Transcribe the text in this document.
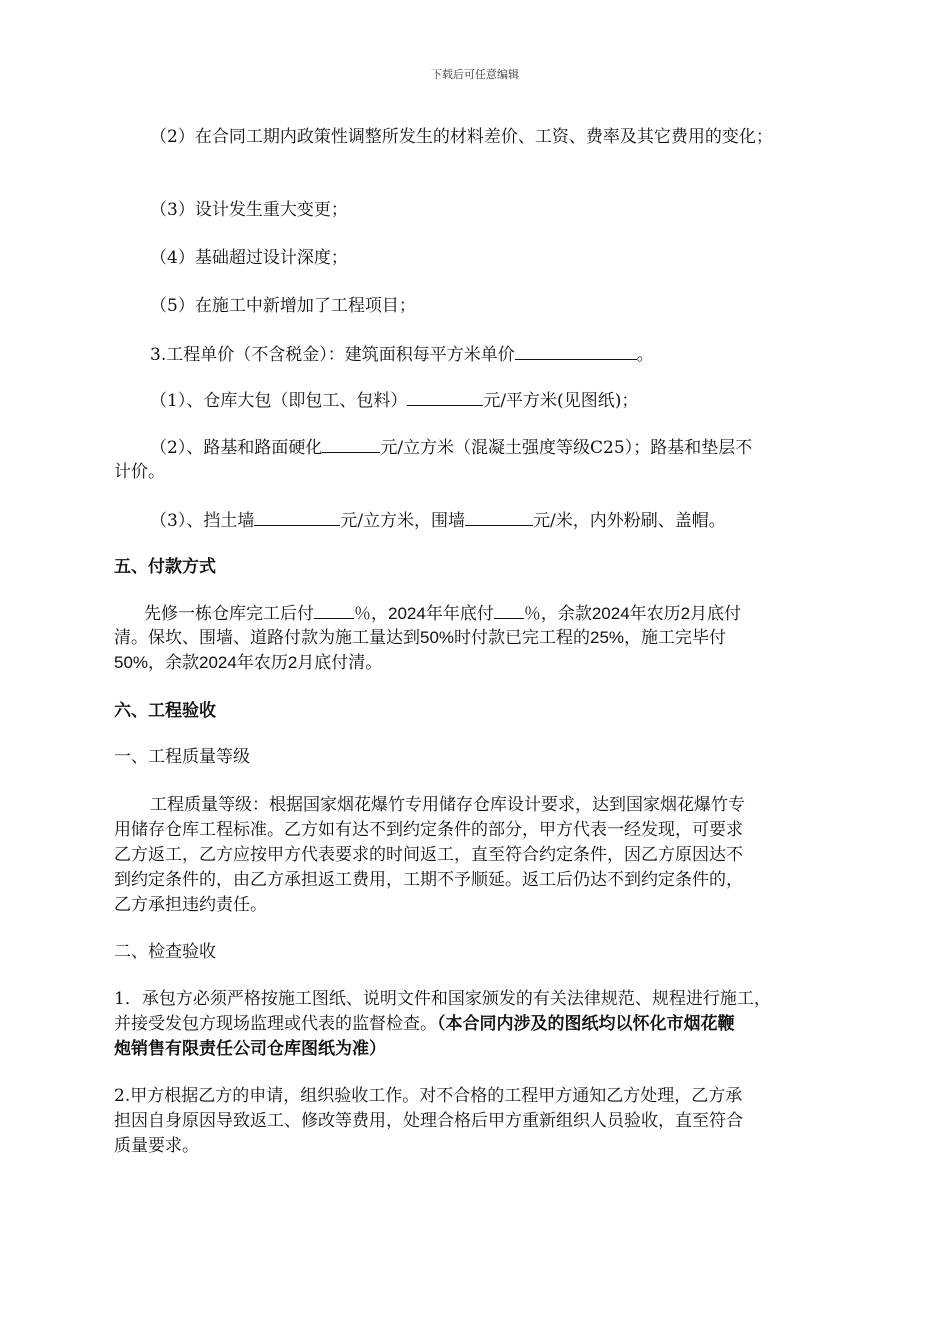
下载后可任意编辑

（2）在合同工期内政策性调整所发生的材料差价、工资、费率及其它费用的变化；

（3）设计发生重大变更；

（4）基础超过设计深度；

（5）在施工中新增加了工程项目；

3.工程单价（不含税金）：建筑面积每平方米单价	。

（1）、仓库大包（即包工、包料）	元/平方米(见图纸)；

（2）、路基和路面硬化	元/立方米（混凝土强度等级C25）；路基和垫层不

计价。

（3）、挡土墙	元/立方米，围墙	元/米，内外粉刷、盖帽。

五、付款方式

先修一栋仓库完工后付 ％，2024年年底付 ％，余款2024年农历2月底付

清。保坎、围墙、道路付款为施工量达到50%时付款已完工程的25%，施工完毕付

50%，余款2024年农历2月底付清。

六、工程验收

一、工程质量等级

工程质量等级：根据国家烟花爆竹专用储存仓库设计要求，达到国家烟花爆竹专

用储存仓库工程标准。乙方如有达不到约定条件的部分，甲方代表一经发现，可要求

乙方返工，乙方应按甲方代表要求的时间返工，直至符合约定条件，因乙方原因达不

到约定条件的，由乙方承担返工费用，工期不予顺延。返工后仍达不到约定条件的，

乙方承担违约责任。

二、检查验收

1．承包方必须严格按施工图纸、说明文件和国家颁发的有关法律规范、规程进行施工，

并接受发包方现场监理或代表的监督检查。（本合同内涉及的图纸均以怀化市烟花鞭

炮销售有限责任公司仓库图纸为准）

2.甲方根据乙方的申请，组织验收工作。对不合格的工程甲方通知乙方处理，乙方承

担因自身原因导致返工、修改等费用，处理合格后甲方重新组织人员验收，直至符合

质量要求。
